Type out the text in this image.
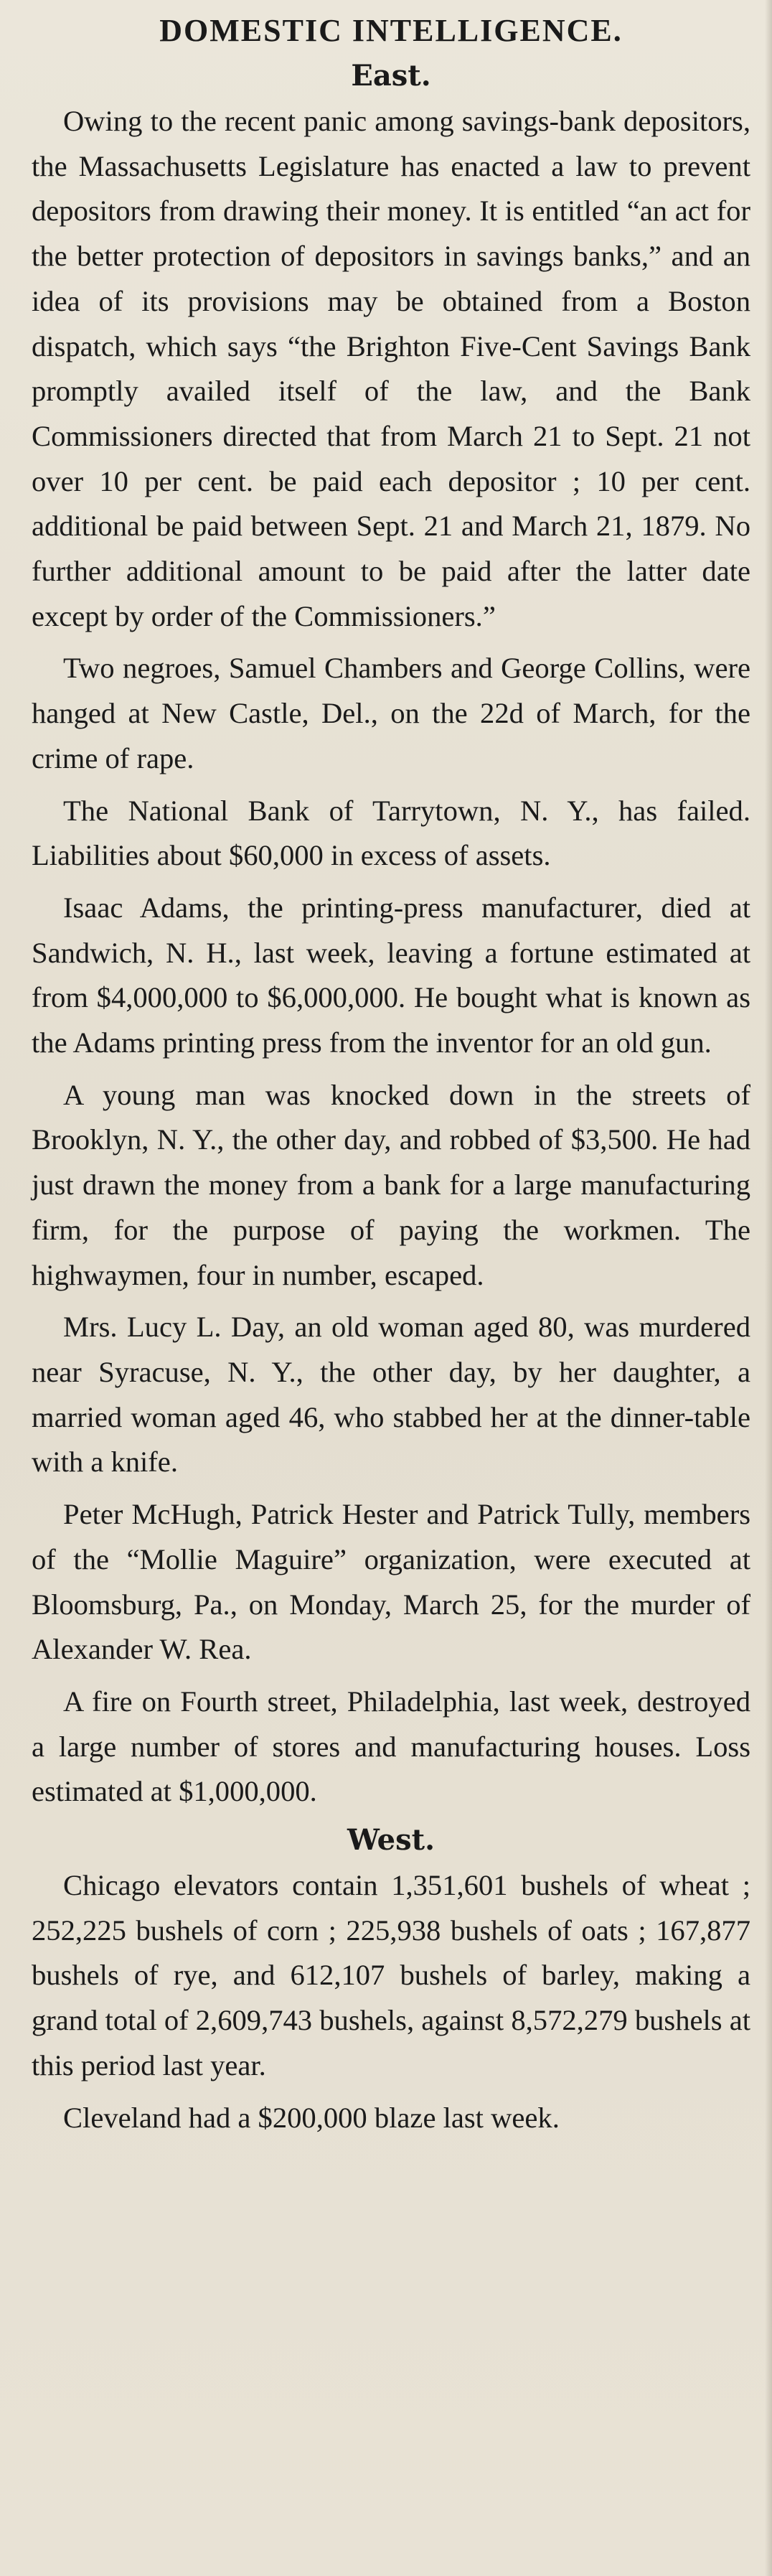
DOMESTIC INTELLIGENCE.
East.

Owing to the recent panic among savings-bank depositors, the Massachusetts Legislature has enacted a law to prevent depositors from drawing their money. It is entitled “an act for the better protection of depositors in savings banks,” and an idea of its provisions may be obtained from a Boston dispatch, which says “the Brighton Five-Cent Savings Bank promptly availed itself of the law, and the Bank Commissioners directed that from March 21 to Sept. 21 not over 10 per cent. be paid each depositor ; 10 per cent. additional be paid between Sept. 21 and March 21, 1879. No further additional amount to be paid after the latter date except by order of the Commissioners.”

Two negroes, Samuel Chambers and George Collins, were hanged at New Castle, Del., on the 22d of March, for the crime of rape.

The National Bank of Tarrytown, N. Y., has failed. Liabilities about $60,000 in excess of assets.

Isaac Adams, the printing-press manufacturer, died at Sandwich, N. H., last week, leaving a fortune estimated at from $4,000,000 to $6,000,000. He bought what is known as the Adams printing press from the inventor for an old gun.

A young man was knocked down in the streets of Brooklyn, N. Y., the other day, and robbed of $3,500. He had just drawn the money from a bank for a large manufacturing firm, for the purpose of paying the workmen. The highwaymen, four in number, escaped.

Mrs. Lucy L. Day, an old woman aged 80, was murdered near Syracuse, N. Y., the other day, by her daughter, a married woman aged 46, who stabbed her at the dinner-table with a knife.

Peter McHugh, Patrick Hester and Patrick Tully, members of the “Mollie Maguire” organization, were executed at Bloomsburg, Pa., on Monday, March 25, for the murder of Alexander W. Rea.

A fire on Fourth street, Philadelphia, last week, destroyed a large number of stores and manufacturing houses. Loss estimated at $1,000,000.

West.

Chicago elevators contain 1,351,601 bushels of wheat ; 252,225 bushels of corn ; 225,938 bushels of oats ; 167,877 bushels of rye, and 612,107 bushels of barley, making a grand total of 2,609,743 bushels, against 8,572,279 bushels at this period last year.

Cleveland had a $200,000 blaze last week.
